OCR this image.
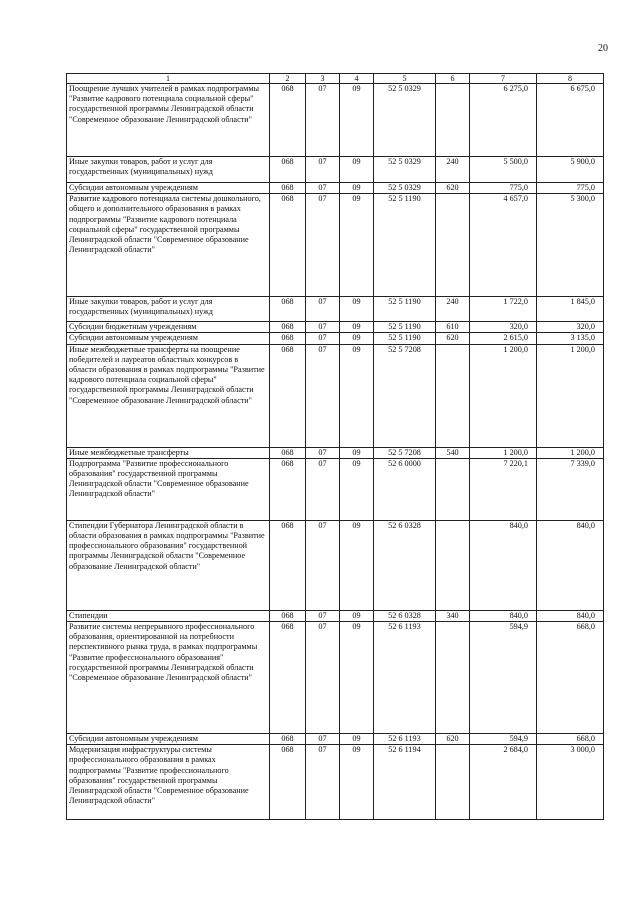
20
1	2	3	4	5	6	7	8
Поощрение лучших учителей в рамках подпрограммы "Развитие кадрового потенциала социальной сферы" государственной программы Ленинградской области "Современное образование Ленинградской области"	068	07	09	52 5 0329		6 275,0	6 675,0
Иные закупки товаров, работ и услуг для государственных (муниципальных) нужд	068	07	09	52 5 0329	240	5 500,0	5 900,0
Субсидии автономным учреждениям	068	07	09	52 5 0329	620	775,0	775,0
Развитие кадрового потенциала системы дошкольного, общего и дополнительного образования в рамках подпрограммы "Развитие кадрового потенциала социальной сферы" государственной программы Ленинградской области "Современное образование Ленинградской области"	068	07	09	52 5 1190		4 657,0	5 300,0
Иные закупки товаров, работ и услуг для государственных (муниципальных) нужд	068	07	09	52 5 1190	240	1 722,0	1 845,0
Субсидии бюджетным учреждениям	068	07	09	52 5 1190	610	320,0	320,0
Субсидии автономным учреждениям	068	07	09	52 5 1190	620	2 615,0	3 135,0
Иные межбюджетные трансферты на поощрение победителей и лауреатов областных конкурсов в области образования в рамках подпрограммы "Развитие кадрового потенциала социальной сферы" государственной программы Ленинградской области "Современное образование Ленинградской области"	068	07	09	52 5 7208		1 200,0	1 200,0
Иные межбюджетные трансферты	068	07	09	52 5 7208	540	1 200,0	1 200,0
Подпрограмма "Развитие профессионального образования" государственной программы Ленинградской области "Современное образование Ленинградской области"	068	07	09	52 6 0000		7 220,1	7 339,0
Стипендии Губернатора Ленинградской области в области образования в рамках подпрограммы "Развитие профессионального образования" государственной программы Ленинградской области "Современное образование Ленинградской области"	068	07	09	52 6 0328		840,0	840,0
Стипендии	068	07	09	52 6 0328	340	840,0	840,0
Развитие системы непрерывного профессионального образования, ориентированной на потребности перспективного рынка труда, в рамках подпрограммы "Развитие профессионального образования" государственной программы Ленинградской области "Современное образование Ленинградской области"	068	07	09	52 6 1193		594,9	668,0
Субсидии автономным учреждениям	068	07	09	52 6 1193	620	594,9	668,0
Модернизация инфраструктуры системы профессионального образования в рамках подпрограммы "Развитие профессионального образования" государственной программы Ленинградской области "Современное образование Ленинградской области"	068	07	09	52 6 1194		2 684,0	3 000,0
